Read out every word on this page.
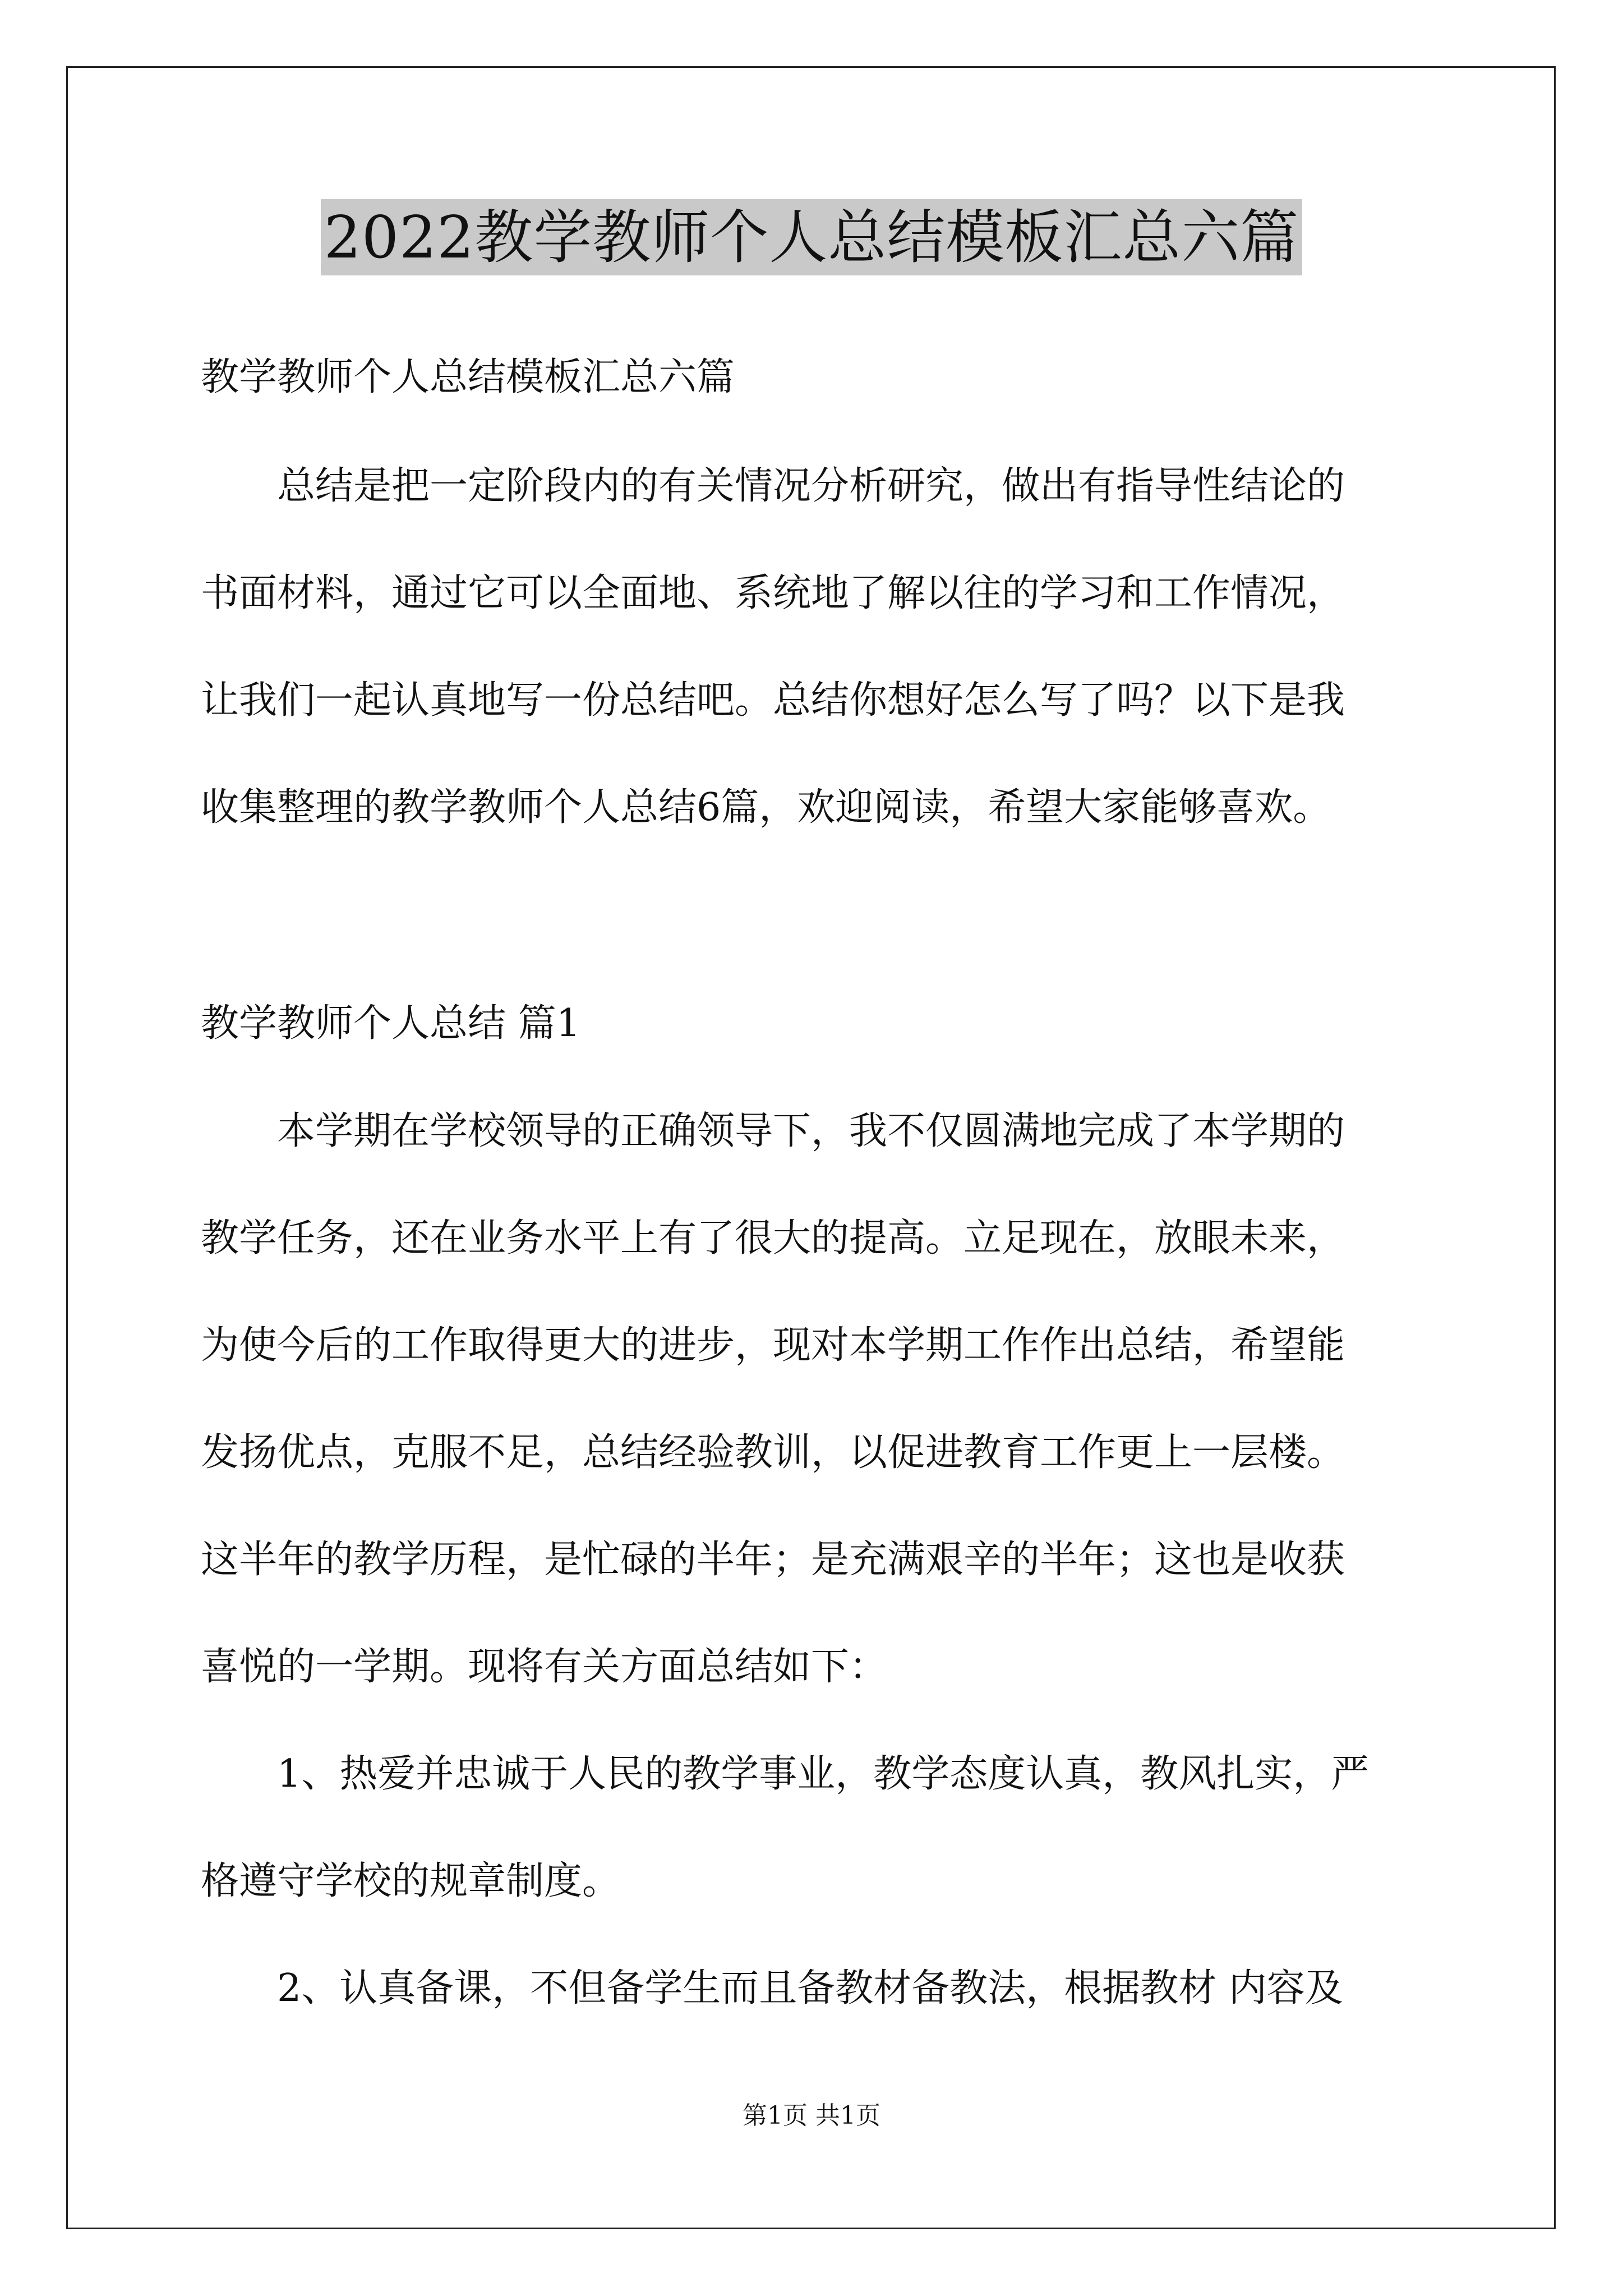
2022教学教师个人总结模板汇总六篇
教学教师个人总结模板汇总六篇
总结是把一定阶段内的有关情况分析研究，做出有指导性结论的
书面材料，通过它可以全面地、系统地了解以往的学习和工作情况，
让我们一起认真地写一份总结吧。总结你想好怎么写了吗？以下是我
收集整理的教学教师个人总结6篇，欢迎阅读，希望大家能够喜欢。
教学教师个人总结 篇1
本学期在学校领导的正确领导下，我不仅圆满地完成了本学期的
教学任务，还在业务水平上有了很大的提高。立足现在，放眼未来，
为使今后的工作取得更大的进步，现对本学期工作作出总结，希望能
发扬优点，克服不足，总结经验教训，以促进教育工作更上一层楼。
这半年的教学历程，是忙碌的半年；是充满艰辛的半年；这也是收获
喜悦的一学期。现将有关方面总结如下：
1、热爱并忠诚于人民的教学事业，教学态度认真，教风扎实，严
格遵守学校的规章制度。
2、认真备课，不但备学生而且备教材备教法，根据教材 内容及
第1页 共1页
